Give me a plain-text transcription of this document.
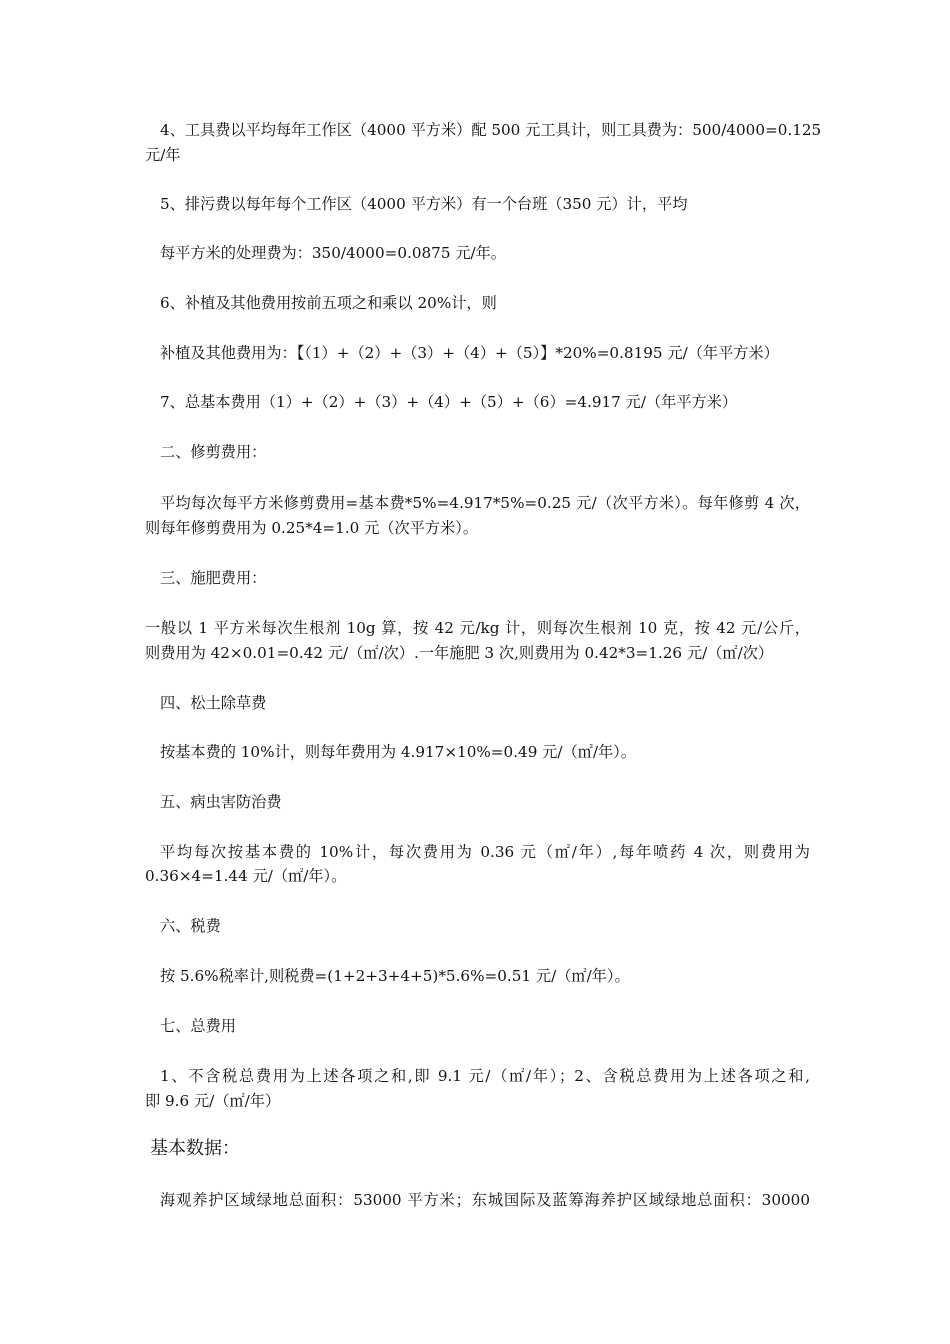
4、工具费以平均每年工作区（4000 平方米）配 500 元工具计，则工具费为：500/4000=0.125

元/年

5、排污费以每年每个工作区（4000 平方米）有一个台班（350 元）计，平均

每平方米的处理费为：350/4000=0.0875 元/年。

6、补植及其他费用按前五项之和乘以 20%计，则

补植及其他费用为：【（1）+（2）+（3）+（4）+（5）】*20%=0.8195 元/（年平方米）

7、总基本费用（1）+（2）+（3）+（4）+（5）+（6）=4.917 元/（年平方米）

二、修剪费用：

平均每次每平方米修剪费用=基本费*5%=4.917*5%=0.25 元/（次平方米）。每年修剪 4 次，

则每年修剪费用为 0.25*4=1.0 元（次平方米）。

三、施肥费用：

一般以 1 平方米每次生根剂 10g 算，按 42 元/kg 计，则每次生根剂 10 克，按 42 元/公斤，

则费用为 42×0.01=0.42 元/（㎡/次）.一年施肥 3 次,则费用为 0.42*3=1.26 元/（㎡/次）

四、松土除草费

按基本费的 10%计，则每年费用为 4.917×10%=0.49 元/（㎡/年）。

五、病虫害防治费

平均每次按基本费的 10%计，每次费用为 0.36 元（㎡/年）,每年喷药 4 次，则费用为

0.36×4=1.44 元/（㎡/年）。

六、税费

按 5.6%税率计,则税费=(1+2+3+4+5)*5.6%=0.51 元/（㎡/年）。

七、总费用

1、不含税总费用为上述各项之和,即 9.1 元/（㎡/年）；2、含税总费用为上述各项之和,

即 9.6 元/（㎡/年）

基本数据：

海观养护区域绿地总面积：53000 平方米；东城国际及蓝筹海养护区域绿地总面积：30000
